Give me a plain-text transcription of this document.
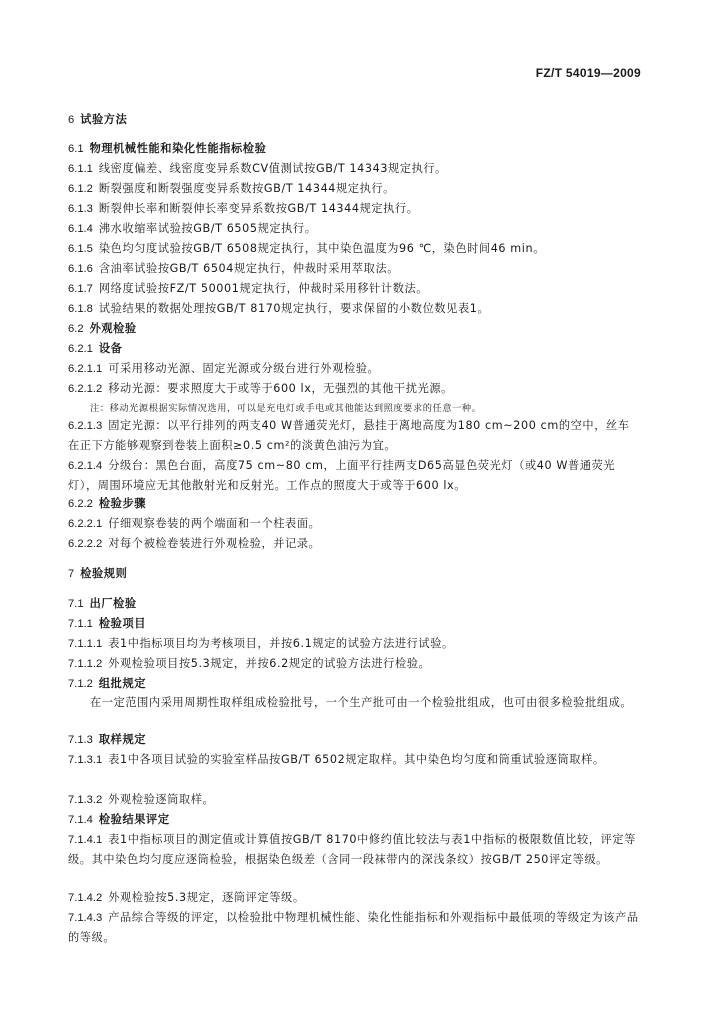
FZ/T 54019—2009
6 试验方法
6.1 物理机械性能和染化性能指标检验
6.1.1 线密度偏差、线密度变异系数CV值测试按GB/T 14343规定执行。
6.1.2 断裂强度和断裂强度变异系数按GB/T 14344规定执行。
6.1.3 断裂伸长率和断裂伸长率变异系数按GB/T 14344规定执行。
6.1.4 沸水收缩率试验按GB/T 6505规定执行。
6.1.5 染色均匀度试验按GB/T 6508规定执行，其中染色温度为96 ℃，染色时间46 min。
6.1.6 含油率试验按GB/T 6504规定执行，仲裁时采用萃取法。
6.1.7 网络度试验按FZ/T 50001规定执行，仲裁时采用移针计数法。
6.1.8 试验结果的数据处理按GB/T 8170规定执行，要求保留的小数位数见表1。
6.2 外观检验
6.2.1 设备
6.2.1.1 可采用移动光源、固定光源或分级台进行外观检验。
6.2.1.2 移动光源：要求照度大于或等于600 lx，无强烈的其他干扰光源。
注：移动光源根据实际情况选用，可以是充电灯或手电或其他能达到照度要求的任意一种。
6.2.1.3 固定光源：以平行排列的两支40 W普通荧光灯，悬挂于离地高度为180 cm~200 cm的空中，丝车在正下方能够观察到卷装上面积≥0.5 cm²的淡黄色油污为宜。
6.2.1.4 分级台：黑色台面，高度75 cm~80 cm，上面平行挂两支D65高显色荧光灯（或40 W普通荧光灯），周围环境应无其他散射光和反射光。工作点的照度大于或等于600 lx。
6.2.2 检验步骤
6.2.2.1 仔细观察卷装的两个端面和一个柱表面。
6.2.2.2 对每个被检卷装进行外观检验，并记录。
7 检验规则
7.1 出厂检验
7.1.1 检验项目
7.1.1.1 表1中指标项目均为考核项目，并按6.1规定的试验方法进行试验。
7.1.1.2 外观检验项目按5.3规定，并按6.2规定的试验方法进行检验。
7.1.2 组批规定
在一定范围内采用周期性取样组成检验批号，一个生产批可由一个检验批组成，也可由很多检验批组成。
7.1.3 取样规定
7.1.3.1 表1中各项目试验的实验室样品按GB/T 6502规定取样。其中染色均匀度和筒重试验逐筒取样。
7.1.3.2 外观检验逐筒取样。
7.1.4 检验结果评定
7.1.4.1 表1中指标项目的测定值或计算值按GB/T 8170中修约值比较法与表1中指标的极限数值比较，评定等级。其中染色均匀度应逐筒检验，根据染色级差（含同一段袜带内的深浅条纹）按GB/T 250评定等级。
7.1.4.2 外观检验按5.3规定，逐筒评定等级。
7.1.4.3 产品综合等级的评定，以检验批中物理机械性能、染化性能指标和外观指标中最低项的等级定为该产品的等级。
